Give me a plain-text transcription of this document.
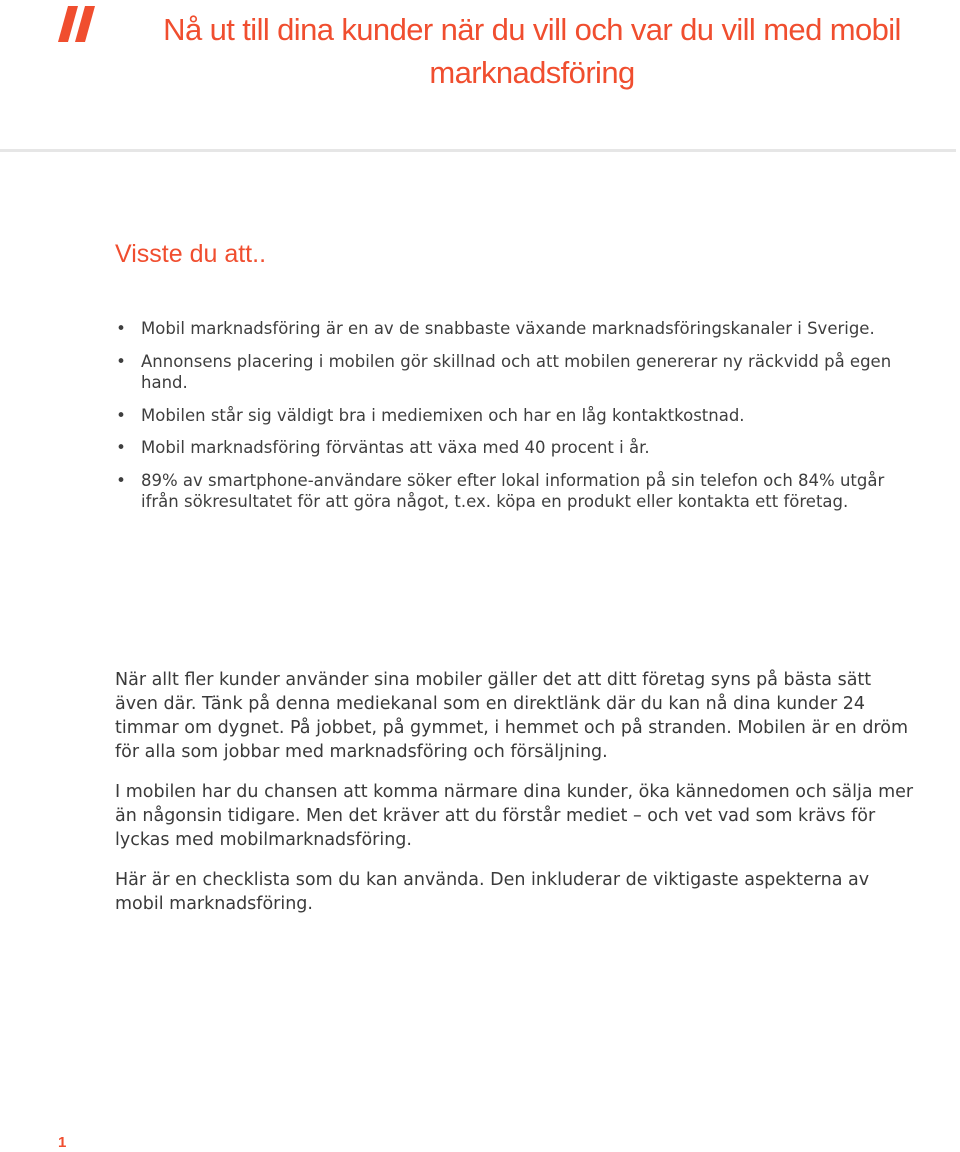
Nå ut till dina kunder när du vill och var du vill med mobil marknadsföring
Visste du att..
• Mobil marknadsföring är en av de snabbaste växande marknadsföringskanaler i Sverige.
• Annonsens placering i mobilen gör skillnad och att mobilen genererar ny räckvidd på egen hand.
• Mobilen står sig väldigt bra i mediemixen och har en låg kontaktkostnad.
• Mobil marknadsföring förväntas att växa med 40 procent i år.
• 89% av smartphone-användare söker efter lokal information på sin telefon och 84% utgår ifrån sökresultatet för att göra något, t.ex. köpa en produkt eller kontakta ett företag.

När allt fler kunder använder sina mobiler gäller det att ditt företag syns på bästa sätt även där. Tänk på denna mediekanal som en direktlänk där du kan nå dina kunder 24 timmar om dygnet. På jobbet, på gymmet, i hemmet och på stranden. Mobilen är en dröm för alla som jobbar med marknadsföring och försäljning.

I mobilen har du chansen att komma närmare dina kunder, öka kännedomen och sälja mer än någonsin tidigare. Men det kräver att du förstår mediet – och vet vad som krävs för lyckas med mobilmarknadsföring.

Här är en checklista som du kan använda. Den inkluderar de viktigaste aspekterna av mobil marknadsföring.

1
